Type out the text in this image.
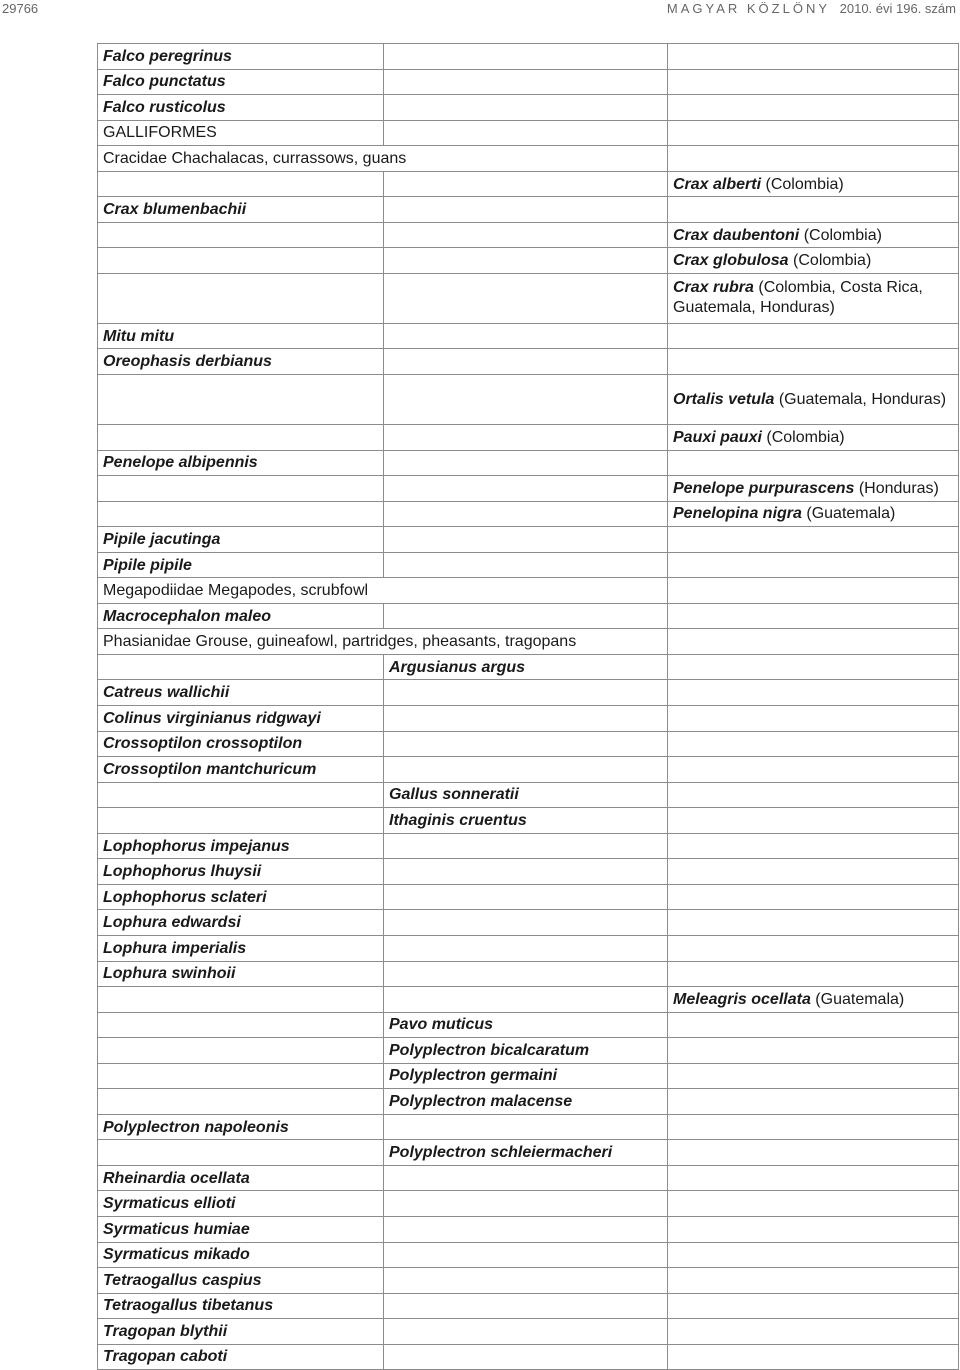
29766	MAGYAR KÖZLÖNY 2010. évi 196. szám
Falco peregrinus		
Falco punctatus		
Falco rusticolus		
GALLIFORMES		
Cracidae Chachalacas, currassows, guans		
		Crax alberti (Colombia)
Crax blumenbachii		
		Crax daubentoni (Colombia)
		Crax globulosa (Colombia)
		Crax rubra (Colombia, Costa Rica, Guatemala, Honduras)
Mitu mitu		
Oreophasis derbianus		
		Ortalis vetula (Guatemala, Honduras)
		Pauxi pauxi (Colombia)
Penelope albipennis		
		Penelope purpurascens (Honduras)
		Penelopina nigra (Guatemala)
Pipile jacutinga		
Pipile pipile		
Megapodiidae Megapodes, scrubfowl		
Macrocephalon maleo		
Phasianidae Grouse, guineafowl, partridges, pheasants, tragopans		
	Argusianus argus	
Catreus wallichii		
Colinus virginianus ridgwayi		
Crossoptilon crossoptilon		
Crossoptilon mantchuricum		
	Gallus sonneratii	
	Ithaginis cruentus	
Lophophorus impejanus		
Lophophorus lhuysii		
Lophophorus sclateri		
Lophura edwardsi		
Lophura imperialis		
Lophura swinhoii		
		Meleagris ocellata (Guatemala)
	Pavo muticus	
	Polyplectron bicalcaratum	
	Polyplectron germaini	
	Polyplectron malacense	
Polyplectron napoleonis		
	Polyplectron schleiermacheri	
Rheinardia ocellata		
Syrmaticus ellioti		
Syrmaticus humiae		
Syrmaticus mikado		
Tetraogallus caspius		
Tetraogallus tibetanus		
Tragopan blythii		
Tragopan caboti		
